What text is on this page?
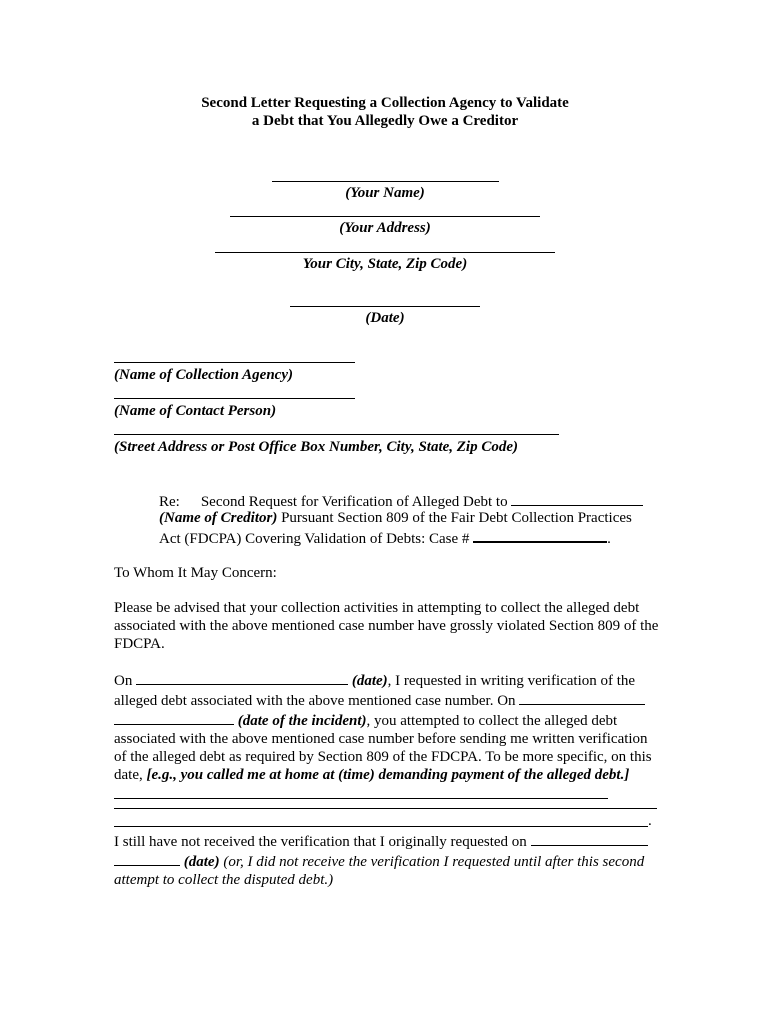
Second Letter Requesting a Collection Agency to Validate
a Debt that You Allegedly Owe a Creditor
(Your Name)
(Your Address)
Your City, State, Zip Code)
(Date)
(Name of Collection Agency)
(Name of Contact Person)
(Street Address or Post Office Box Number, City, State, Zip Code)
Re: Second Request for Verification of Alleged Debt to
(Name of Creditor) Pursuant Section 809 of the Fair Debt Collection Practices
Act (FDCPA) Covering Validation of Debts: Case #	.
To Whom It May Concern:
Please be advised that your collection activities in attempting to collect the alleged debt associated with the above mentioned case number have grossly violated Section 809 of the FDCPA.
On	(date), I requested in writing verification of the alleged debt associated with the above mentioned case number. On   (date of the incident), you attempted to collect the alleged debt associated with the above mentioned case number before sending me written verification of the alleged debt as required by Section 809 of the FDCPA. To be more specific, on this date, [e.g., you called me at home at (time) demanding payment of the alleged debt.]
.
I still have not received the verification that I originally requested on   (date) (or, I did not receive the verification I requested until after this second attempt to collect the disputed debt.)
